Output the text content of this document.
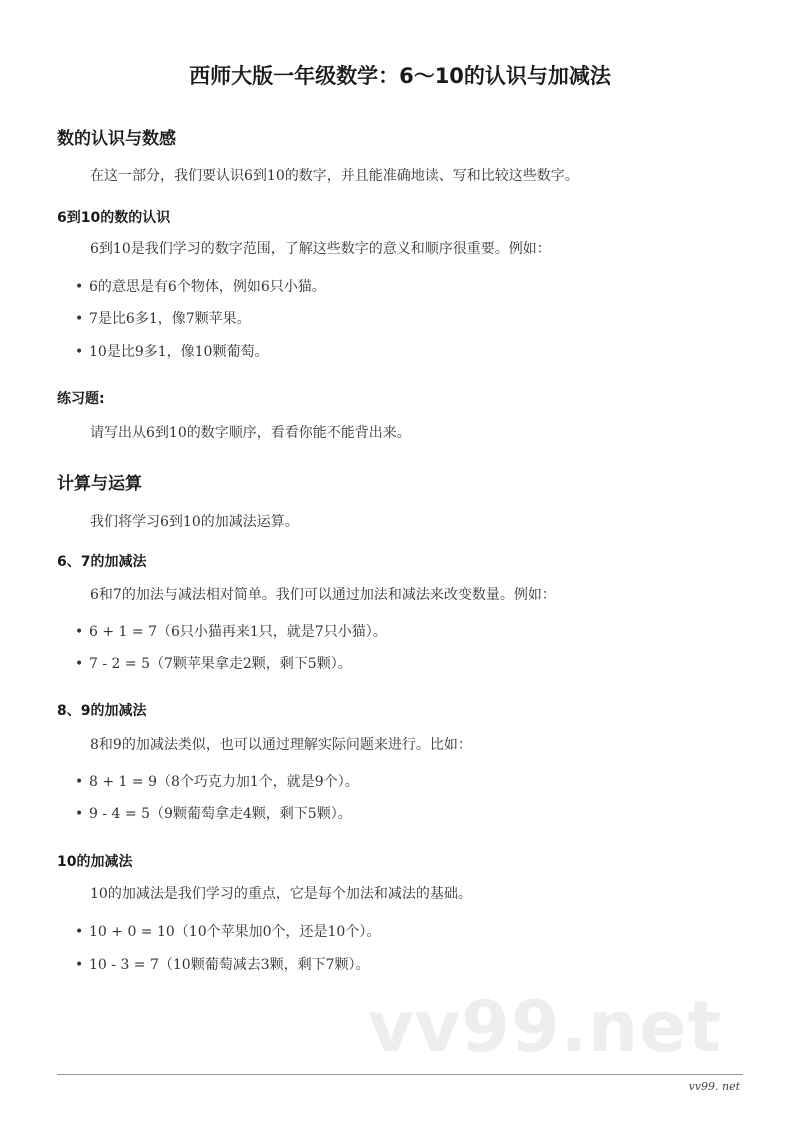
西师大版一年级数学：6～10的认识与加减法
数的认识与数感

在这一部分，我们要认识6到10的数字，并且能准确地读、写和比较这些数字。

6到10的数的认识

6到10是我们学习的数字范围，了解这些数字的意义和顺序很重要。例如：

• 6的意思是有6个物体，例如6只小猫。

• 7是比6多1，像7颗苹果。

• 10是比9多1，像10颗葡萄。

练习题:

请写出从6到10的数字顺序，看看你能不能背出来。

计算与运算

我们将学习6到10的加减法运算。

6、7的加减法

6和7的加法与减法相对简单。我们可以通过加法和减法来改变数量。例如：

• 6 + 1 = 7（6只小猫再来1只，就是7只小猫）。

• 7 - 2 = 5（7颗苹果拿走2颗，剩下5颗）。

8、9的加减法

8和9的加减法类似，也可以通过理解实际问题来进行。比如：

• 8 + 1 = 9（8个巧克力加1个，就是9个）。

• 9 - 4 = 5（9颗葡萄拿走4颗，剩下5颗）。

10的加减法

10的加减法是我们学习的重点，它是每个加法和减法的基础。

• 10 + 0 = 10（10个苹果加0个，还是10个）。

• 10 - 3 = 7（10颗葡萄减去3颗，剩下7颗）。

vv99.net

vv99. net
